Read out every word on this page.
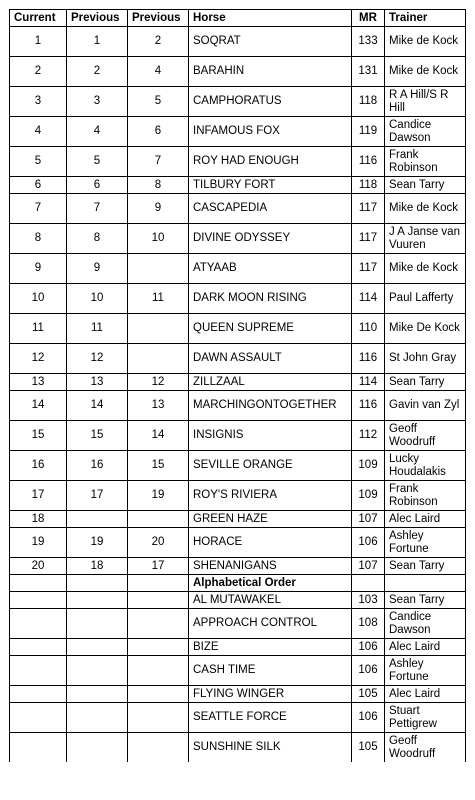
Current	Previous	Previous	Horse	MR	Trainer
1	1	2	SOQRAT	133	Mike de Kock
2	2	4	BARAHIN	131	Mike de Kock
3	3	5	CAMPHORATUS	118	R A Hill/S R Hill
4	4	6	INFAMOUS FOX	119	Candice Dawson
5	5	7	ROY HAD ENOUGH	116	Frank Robinson
6	6	8	TILBURY FORT	118	Sean Tarry
7	7	9	CASCAPEDIA	117	Mike de Kock
8	8	10	DIVINE ODYSSEY	117	J A Janse van Vuuren
9	9		ATYAAB	117	Mike de Kock
10	10	11	DARK MOON RISING	114	Paul Lafferty
11	11		QUEEN SUPREME	110	Mike De Kock
12	12		DAWN ASSAULT	116	St John Gray
13	13	12	ZILLZAAL	114	Sean Tarry
14	14	13	MARCHINGONTOGETHER	116	Gavin van Zyl
15	15	14	INSIGNIS	112	Geoff Woodruff
16	16	15	SEVILLE ORANGE	109	Lucky Houdalakis
17	17	19	ROY'S RIVIERA	109	Frank Robinson
18			GREEN HAZE	107	Alec Laird
19	19	20	HORACE	106	Ashley Fortune
20	18	17	SHENANIGANS	107	Sean Tarry
			Alphabetical Order		
			AL MUTAWAKEL	103	Sean Tarry
			APPROACH CONTROL	108	Candice Dawson
			BIZE	106	Alec Laird
			CASH TIME	106	Ashley Fortune
			FLYING WINGER	105	Alec Laird
			SEATTLE FORCE	106	Stuart Pettigrew
			SUNSHINE SILK	105	Geoff Woodruff
